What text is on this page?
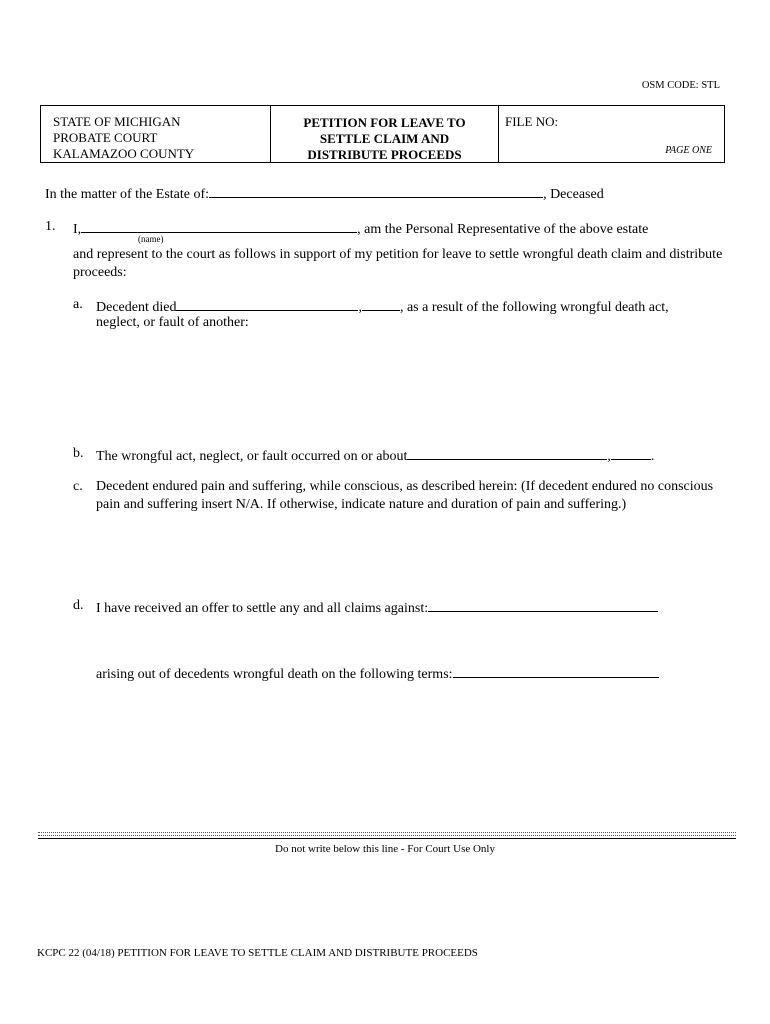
OSM CODE: STL
STATE OF MICHIGAN
PROBATE COURT
KALAMAZOO COUNTY
PETITION FOR LEAVE TO
SETTLE CLAIM AND
DISTRIBUTE PROCEEDS
FILE NO:
PAGE ONE
In the matter of the Estate of:	, Deceased
1. I,	, am the Personal Representative of the above estate
(name)
and represent to the court as follows in support of my petition for leave to settle wrongful death claim and distribute proceeds:
a. Decedent died	,	, as a result of the following wrongful death act,
neglect, or fault of another:
b. The wrongful act, neglect, or fault occurred on or about	,	.
c. Decedent endured pain and suffering, while conscious, as described herein: (If decedent endured no conscious pain and suffering insert N/A. If otherwise, indicate nature and duration of pain and suffering.)
d. I have received an offer to settle any and all claims against:
arising out of decedents wrongful death on the following terms:
Do not write below this line - For Court Use Only
KCPC 22 (04/18) PETITION FOR LEAVE TO SETTLE CLAIM AND DISTRIBUTE PROCEEDS
